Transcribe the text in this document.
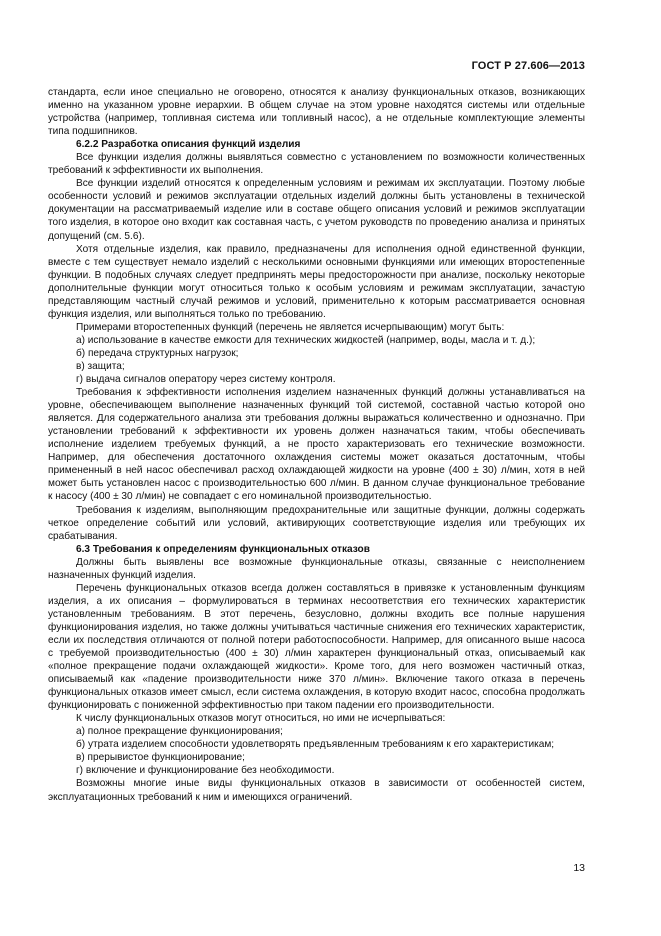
ГОСТ Р 27.606—2013

стандарта, если иное специально не оговорено, относятся к анализу функциональных отказов, возникающих именно на указанном уровне иерархии. В общем случае на этом уровне находятся системы или отдельные устройства (например, топливная система или топливный насос), а не отдельные комплектующие элементы типа подшипников.

6.2.2 Разработка описания функций изделия

Все функции изделия должны выявляться совместно с установлением по возможности количественных требований к эффективности их выполнения.

Все функции изделий относятся к определенным условиям и режимам их эксплуатации. Поэтому любые особенности условий и режимов эксплуатации отдельных изделий должны быть установлены в технической документации на рассматриваемый изделие или в составе общего описания условий и режимов эксплуатации того изделия, в которое оно входит как составная часть, с учетом руководств по проведению анализа и принятых допущений (см. 5.6).

Хотя отдельные изделия, как правило, предназначены для исполнения одной единственной функции, вместе с тем существует немало изделий с несколькими основными функциями или имеющих второстепенные функции. В подобных случаях следует предпринять меры предосторожности при анализе, поскольку некоторые дополнительные функции могут относиться только к особым условиям и режимам эксплуатации, зачастую представляющим частный случай режимов и условий, применительно к которым рассматривается основная функция изделия, или выполняться только по требованию.

Примерами второстепенных функций (перечень не является исчерпывающим) могут быть:

а) использование в качестве емкости для технических жидкостей (например, воды, масла и т. д.);

б) передача структурных нагрузок;

в) защита;

г) выдача сигналов оператору через систему контроля.

Требования к эффективности исполнения изделием назначенных функций должны устанавливаться на уровне, обеспечивающем выполнение назначенных функций той системой, составной частью которой оно является. Для содержательного анализа эти требования должны выражаться количественно и однозначно. При установлении требований к эффективности их уровень должен назначаться таким, чтобы обеспечивать исполнение изделием требуемых функций, а не просто характеризовать его технические возможности. Например, для обеспечения достаточного охлаждения системы может оказаться достаточным, чтобы примененный в ней насос обеспечивал расход охлаждающей жидкости на уровне (400 ± 30) л/мин, хотя в ней может быть установлен насос с производительностью 600 л/мин. В данном случае функциональное требование к насосу (400 ± 30 л/мин) не совпадает с его номинальной производительностью.

Требования к изделиям, выполняющим предохранительные или защитные функции, должны содержать четкое определение событий или условий, активирующих соответствующие изделия или требующих их срабатывания.

6.3 Требования к определениям функциональных отказов

Должны быть выявлены все возможные функциональные отказы, связанные с неисполнением назначенных функций изделия.

Перечень функциональных отказов всегда должен составляться в привязке к установленным функциям изделия, а их описания – формулироваться в терминах несоответствия его технических характеристик установленным требованиям. В этот перечень, безусловно, должны входить все полные нарушения функционирования изделия, но также должны учитываться частичные снижения его технических характеристик, если их последствия отличаются от полной потери работоспособности. Например, для описанного выше насоса с требуемой производительностью (400 ± 30) л/мин характерен функциональный отказ, описываемый как «полное прекращение подачи охлаждающей жидкости». Кроме того, для него возможен частичный отказ, описываемый как «падение производительности ниже 370 л/мин». Включение такого отказа в перечень функциональных отказов имеет смысл, если система охлаждения, в которую входит насос, способна продолжать функционировать с пониженной эффективностью при таком падении его производительности.

К числу функциональных отказов могут относиться, но ими не исчерпываться:

а) полное прекращение функционирования;

б) утрата изделием способности удовлетворять предъявленным требованиям к его характеристикам;

в) прерывистое функционирование;

г) включение и функционирование без необходимости.

Возможны многие иные виды функциональных отказов в зависимости от особенностей систем, эксплуатационных требований к ним и имеющихся ограничений.

13
